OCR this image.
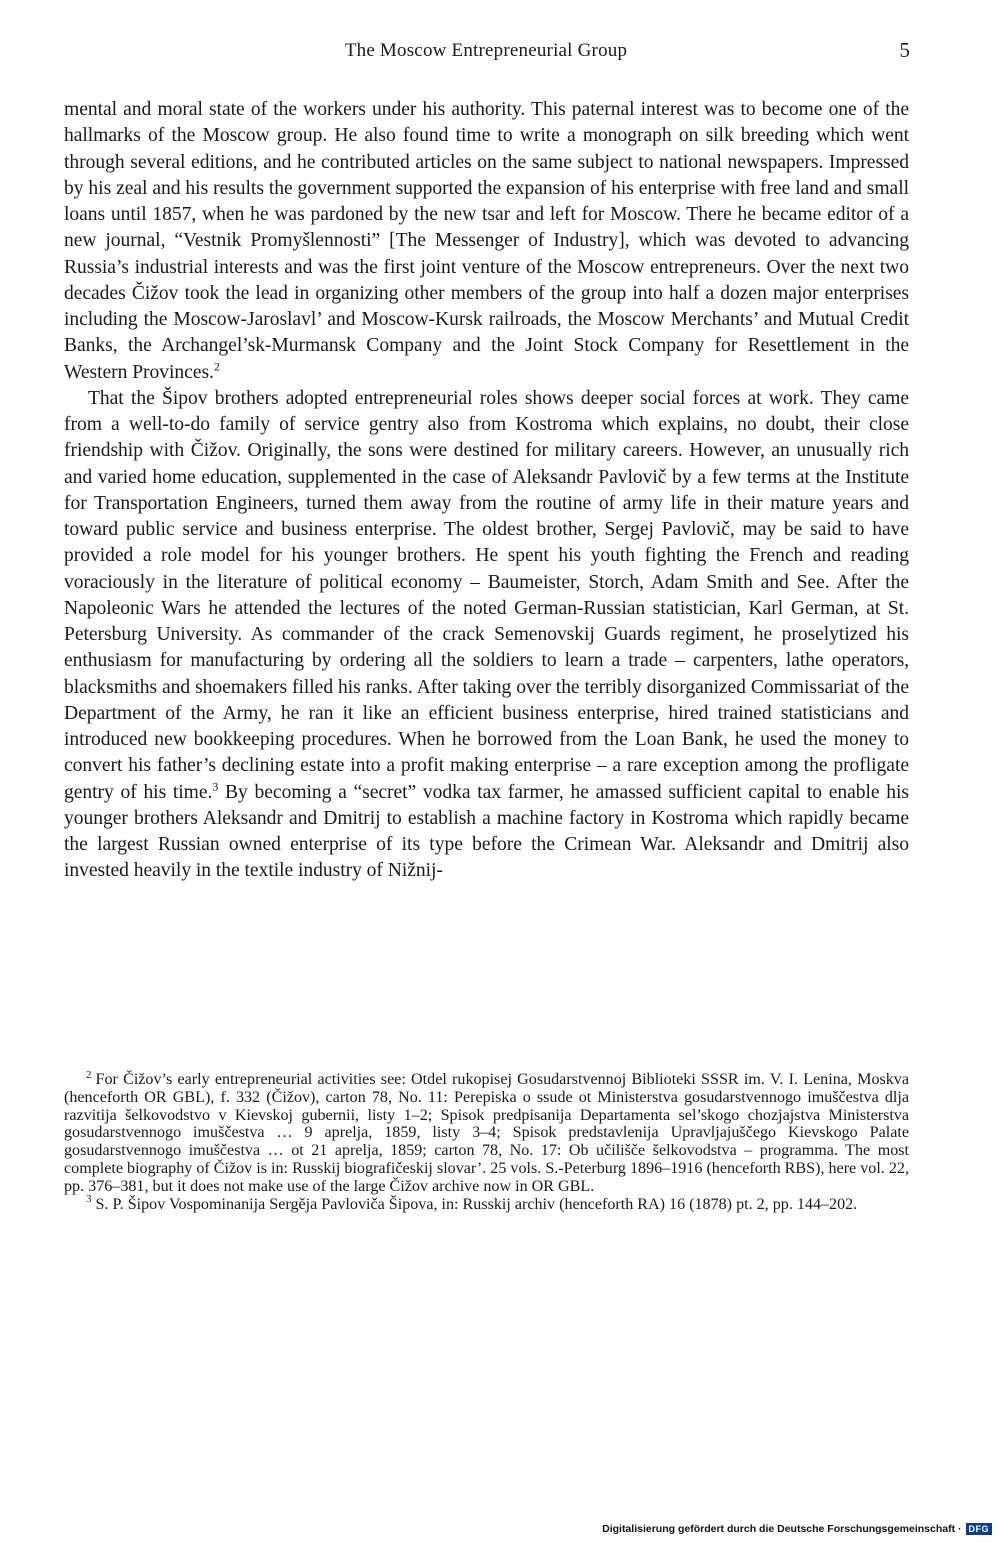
The Moscow Entrepreneurial Group	5

mental and moral state of the workers under his authority. This paternal interest was to become one of the hallmarks of the Moscow group. He also found time to write a monograph on silk breeding which went through several editions, and he contributed articles on the same subject to national newspapers. Impressed by his zeal and his results the government supported the expansion of his enterprise with free land and small loans until 1857, when he was pardoned by the new tsar and left for Moscow. There he became editor of a new journal, “Vestnik Promyšlennosti” [The Messenger of Industry], which was devoted to advancing Russia’s industrial interests and was the first joint venture of the Moscow entrepreneurs. Over the next two decades Čižov took the lead in organizing other members of the group into half a dozen major enterprises including the Moscow-Jaroslavl’ and Moscow-Kursk railroads, the Moscow Merchants’ and Mutual Credit Banks, the Archangel’sk-Murmansk Company and the Joint Stock Company for Resettlement in the Western Provinces.$^2$

That the Šipov brothers adopted entrepreneurial roles shows deeper social forces at work. They came from a well-to-do family of service gentry also from Kostroma which explains, no doubt, their close friendship with Čižov. Originally, the sons were destined for military careers. However, an unusually rich and varied home education, supplemented in the case of Aleksandr Pavlovič by a few terms at the Institute for Transportation Engineers, turned them away from the routine of army life in their mature years and toward public service and business enterprise. The oldest brother, Sergej Pavlovič, may be said to have provided a role model for his younger brothers. He spent his youth fighting the French and reading voraciously in the literature of political economy – Baumeister, Storch, Adam Smith and See. After the Napoleonic Wars he attended the lectures of the noted German-Russian statistician, Karl German, at St. Petersburg University. As commander of the crack Semenovskij Guards regiment, he proselytized his enthusiasm for manufacturing by ordering all the soldiers to learn a trade – carpenters, lathe operators, blacksmiths and shoemakers filled his ranks. After taking over the terribly disorganized Commissariat of the Department of the Army, he ran it like an efficient business enterprise, hired trained statisticians and introduced new bookkeeping procedures. When he borrowed from the Loan Bank, he used the money to convert his father’s declining estate into a profit making enterprise – a rare exception among the profligate gentry of his time.$^3$ By becoming a “secret” vodka tax farmer, he amassed sufficient capital to enable his younger brothers Aleksandr and Dmitrij to establish a machine factory in Kostroma which rapidly became the largest Russian owned enterprise of its type before the Crimean War. Aleksandr and Dmitrij also invested heavily in the textile industry of Nižnij-

$^2$ For Čižov’s early entrepreneurial activities see: Otdel rukopisej Gosudarstvennoj Biblioteki SSSR im. V. I. Lenina, Moskva (henceforth OR GBL), f. 332 (Čižov), carton 78, No. 11: Perepiska o ssude ot Ministerstva gosudarstvennogo imuščestva dlja razvitija šelkovodstvo v Kievskoj gubernii, listy 1–2; Spisok predpisanija Departamenta sel’skogo chozjajstva Ministerstva gosudarstvennogo imuščestva … 9 aprelja, 1859, listy 3–4; Spisok predstavlenija Upravljajuščego Kievskogo Palate gosudarstvennogo imuščestva … ot 21 aprelja, 1859; carton 78, No. 17: Ob učilišče šelkovodstva – programma. The most complete biography of Čižov is in: Russkij biografičeskij slovar’. 25 vols. S.-Peterburg 1896–1916 (henceforth RBS), here vol. 22, pp. 376–381, but it does not make use of the large Čižov archive now in OR GBL.

$^3$ S. P. Šipov Vospominanija Sergěja Pavloviča Šipova, in: Russkij archiv (henceforth RA) 16 (1878) pt. 2, pp. 144–202.

Digitalisierung gefördert durch die Deutsche Forschungsgemeinschaft · DFG
